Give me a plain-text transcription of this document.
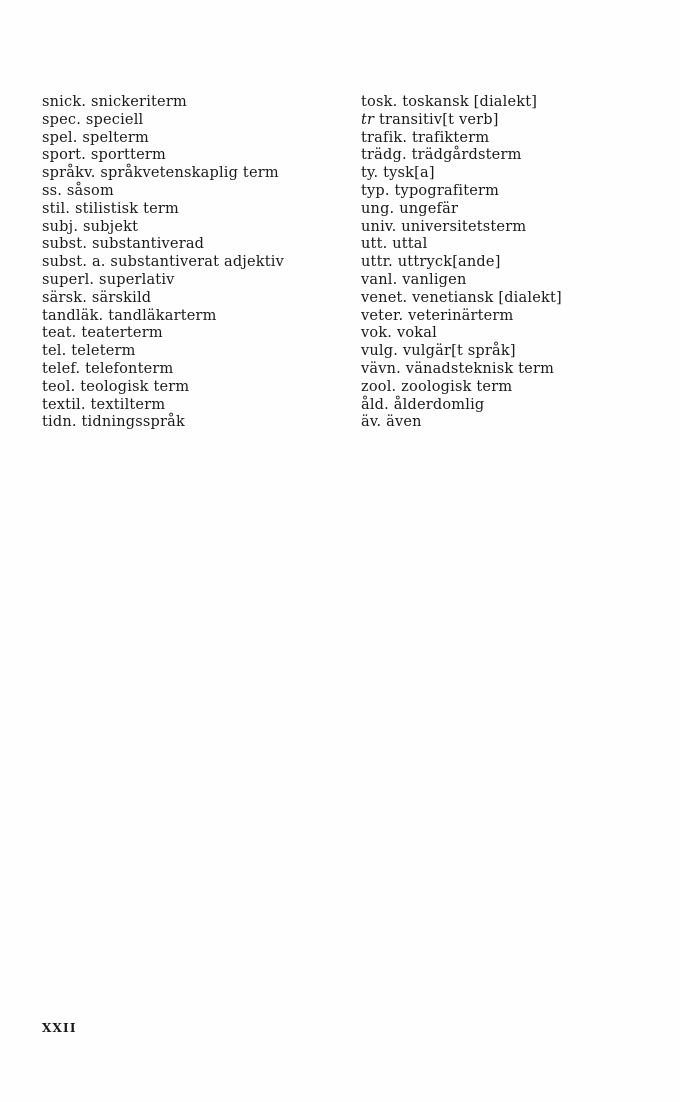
snick. snickeriterm
spec. speciell
spel. spelterm
sport. sportterm
språkv. språkvetenskaplig term
ss. såsom
stil. stilistisk term
subj. subjekt
subst. substantiverad
subst. a. substantiverat adjektiv
superl. superlativ
särsk. särskild
tandläk. tandläkarterm
teat. teaterterm
tel. teleterm
telef. telefonterm
teol. teologisk term
textil. textilterm
tidn. tidningsspråk
tosk. toskansk [dialekt]
tr transitiv[t verb]
trafik. trafikterm
trädg. trädgårdsterm
ty. tysk[a]
typ. typografiterm
ung. ungefär
univ. universitetsterm
utt. uttal
uttr. uttryck[ande]
vanl. vanligen
venet. venetiansk [dialekt]
veter. veterinärterm
vok. vokal
vulg. vulgär[t språk]
vävn. vänadsteknisk term
zool. zoologisk term
åld. ålderdomlig
äv. även
XXII
